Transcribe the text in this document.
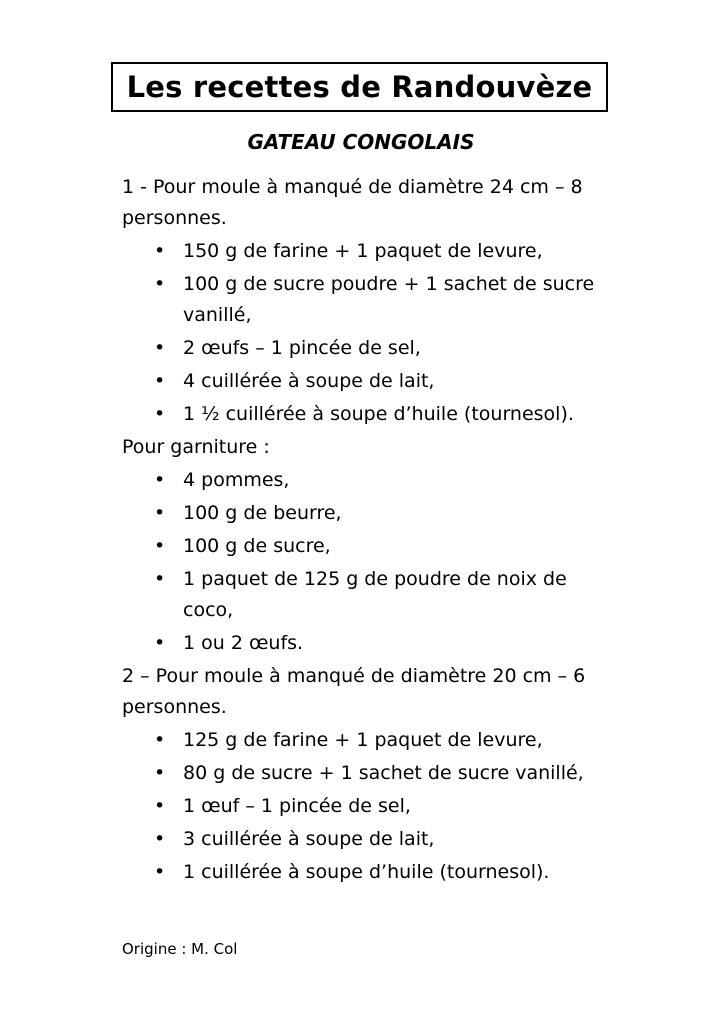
Les recettes de Randouvèze
GATEAU CONGOLAIS

1 - Pour moule à manqué de diamètre 24 cm – 8 personnes.

• 150 g de farine + 1 paquet de levure,
• 100 g de sucre poudre + 1 sachet de sucre vanillé,
• 2 œufs – 1 pincée de sel,
• 4 cuillérée à soupe de lait,
• 1 ½ cuillérée à soupe d’huile (tournesol).

Pour garniture :

• 4 pommes,
• 100 g de beurre,
• 100 g de sucre,
• 1 paquet de 125 g de poudre de noix de coco,
• 1 ou 2 œufs.

2 – Pour moule à manqué de diamètre 20 cm – 6 personnes.

• 125 g de farine + 1 paquet de levure,
• 80 g de sucre + 1 sachet de sucre vanillé,
• 1 œuf – 1 pincée de sel,
• 3 cuillérée à soupe de lait,
• 1 cuillérée à soupe d’huile (tournesol).

Origine : M. Col
